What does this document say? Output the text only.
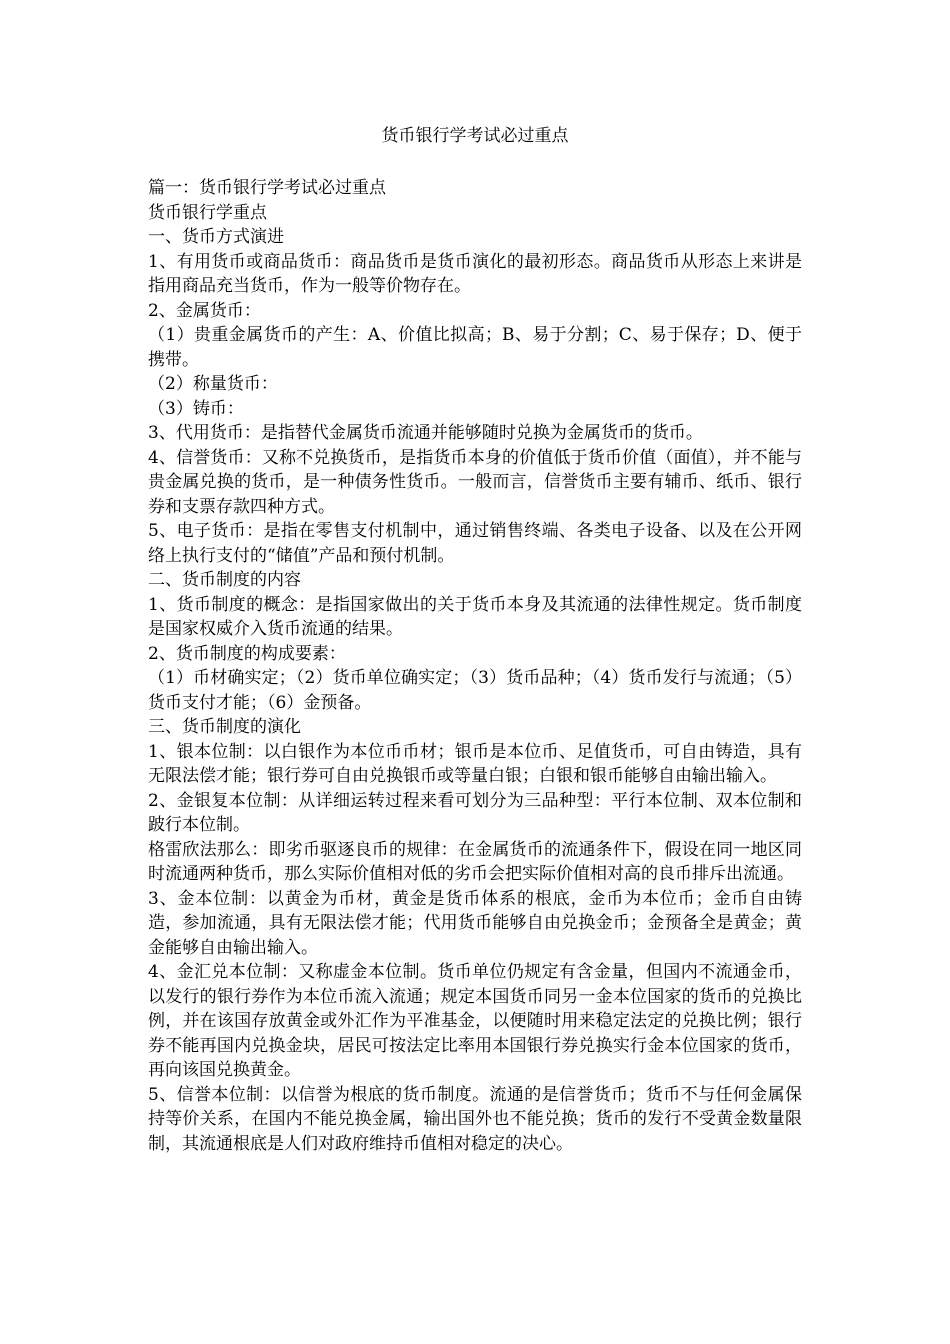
货币银行学考试必过重点

篇一：货币银行学考试必过重点

货币银行学重点

一、货币方式演进

1、有用货币或商品货币：商品货币是货币演化的最初形态。商品货币从形态上来讲是指用商品充当货币，作为一般等价物存在。

2、金属货币：

（1）贵重金属货币的产生：A、价值比拟高；B、易于分割；C、易于保存；D、便于携带。

（2）称量货币：

（3）铸币：

3、代用货币：是指替代金属货币流通并能够随时兑换为金属货币的货币。

4、信誉货币：又称不兑换货币，是指货币本身的价值低于货币价值（面值），并不能与贵金属兑换的货币，是一种债务性货币。一般而言，信誉货币主要有辅币、纸币、银行券和支票存款四种方式。

5、电子货币：是指在零售支付机制中，通过销售终端、各类电子设备、以及在公开网络上执行支付的“储值”产品和预付机制。

二、货币制度的内容

1、货币制度的概念：是指国家做出的关于货币本身及其流通的法律性规定。货币制度是国家权威介入货币流通的结果。

2、货币制度的构成要素：

（1）币材确实定；（2）货币单位确实定；（3）货币品种；（4）货币发行与流通；（5）货币支付才能；（6）金预备。

三、货币制度的演化

1、银本位制：以白银作为本位币币材；银币是本位币、足值货币，可自由铸造，具有无限法偿才能；银行券可自由兑换银币或等量白银；白银和银币能够自由输出输入。

2、金银复本位制：从详细运转过程来看可划分为三品种型：平行本位制、双本位制和跛行本位制。

格雷欣法那么：即劣币驱逐良币的规律：在金属货币的流通条件下，假设在同一地区同时流通两种货币，那么实际价值相对低的劣币会把实际价值相对高的良币排斥出流通。

3、金本位制：以黄金为币材，黄金是货币体系的根底，金币为本位币；金币自由铸造，参加流通，具有无限法偿才能；代用货币能够自由兑换金币；金预备全是黄金；黄金能够自由输出输入。

4、金汇兑本位制：又称虚金本位制。货币单位仍规定有含金量，但国内不流通金币，以发行的银行券作为本位币流入流通；规定本国货币同另一金本位国家的货币的兑换比例，并在该国存放黄金或外汇作为平准基金，以便随时用来稳定法定的兑换比例；银行券不能再国内兑换金块，居民可按法定比率用本国银行券兑换实行金本位国家的货币，再向该国兑换黄金。

5、信誉本位制：以信誉为根底的货币制度。流通的是信誉货币；货币不与任何金属保持等价关系，在国内不能兑换金属，输出国外也不能兑换；货币的发行不受黄金数量限制，其流通根底是人们对政府维持币值相对稳定的决心。
